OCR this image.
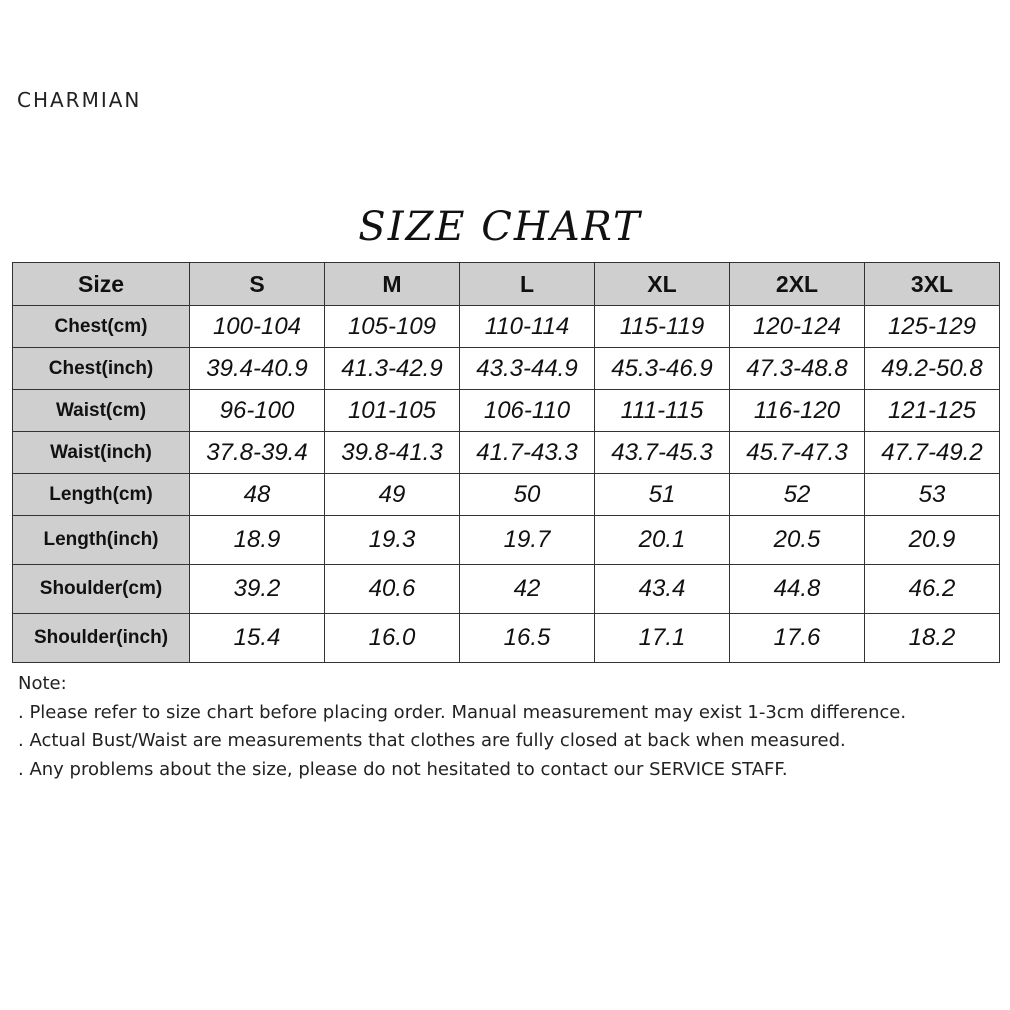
CHARMIAN
SIZE CHART
Size	S	M	L	XL	2XL	3XL
Chest(cm)	100-104	105-109	110-114	115-119	120-124	125-129
Chest(inch)	39.4-40.9	41.3-42.9	43.3-44.9	45.3-46.9	47.3-48.8	49.2-50.8
Waist(cm)	96-100	101-105	106-110	111-115	116-120	121-125
Waist(inch)	37.8-39.4	39.8-41.3	41.7-43.3	43.7-45.3	45.7-47.3	47.7-49.2
Length(cm)	48	49	50	51	52	53
Length(inch)	18.9	19.3	19.7	20.1	20.5	20.9
Shoulder(cm)	39.2	40.6	42	43.4	44.8	46.2
Shoulder(inch)	15.4	16.0	16.5	17.1	17.6	18.2

Note:

. Please refer to size chart before placing order. Manual measurement may exist 1-3cm difference.

. Actual Bust/Waist are measurements that clothes are fully closed at back when measured.

. Any problems about the size, please do not hesitated to contact our SERVICE STAFF.
